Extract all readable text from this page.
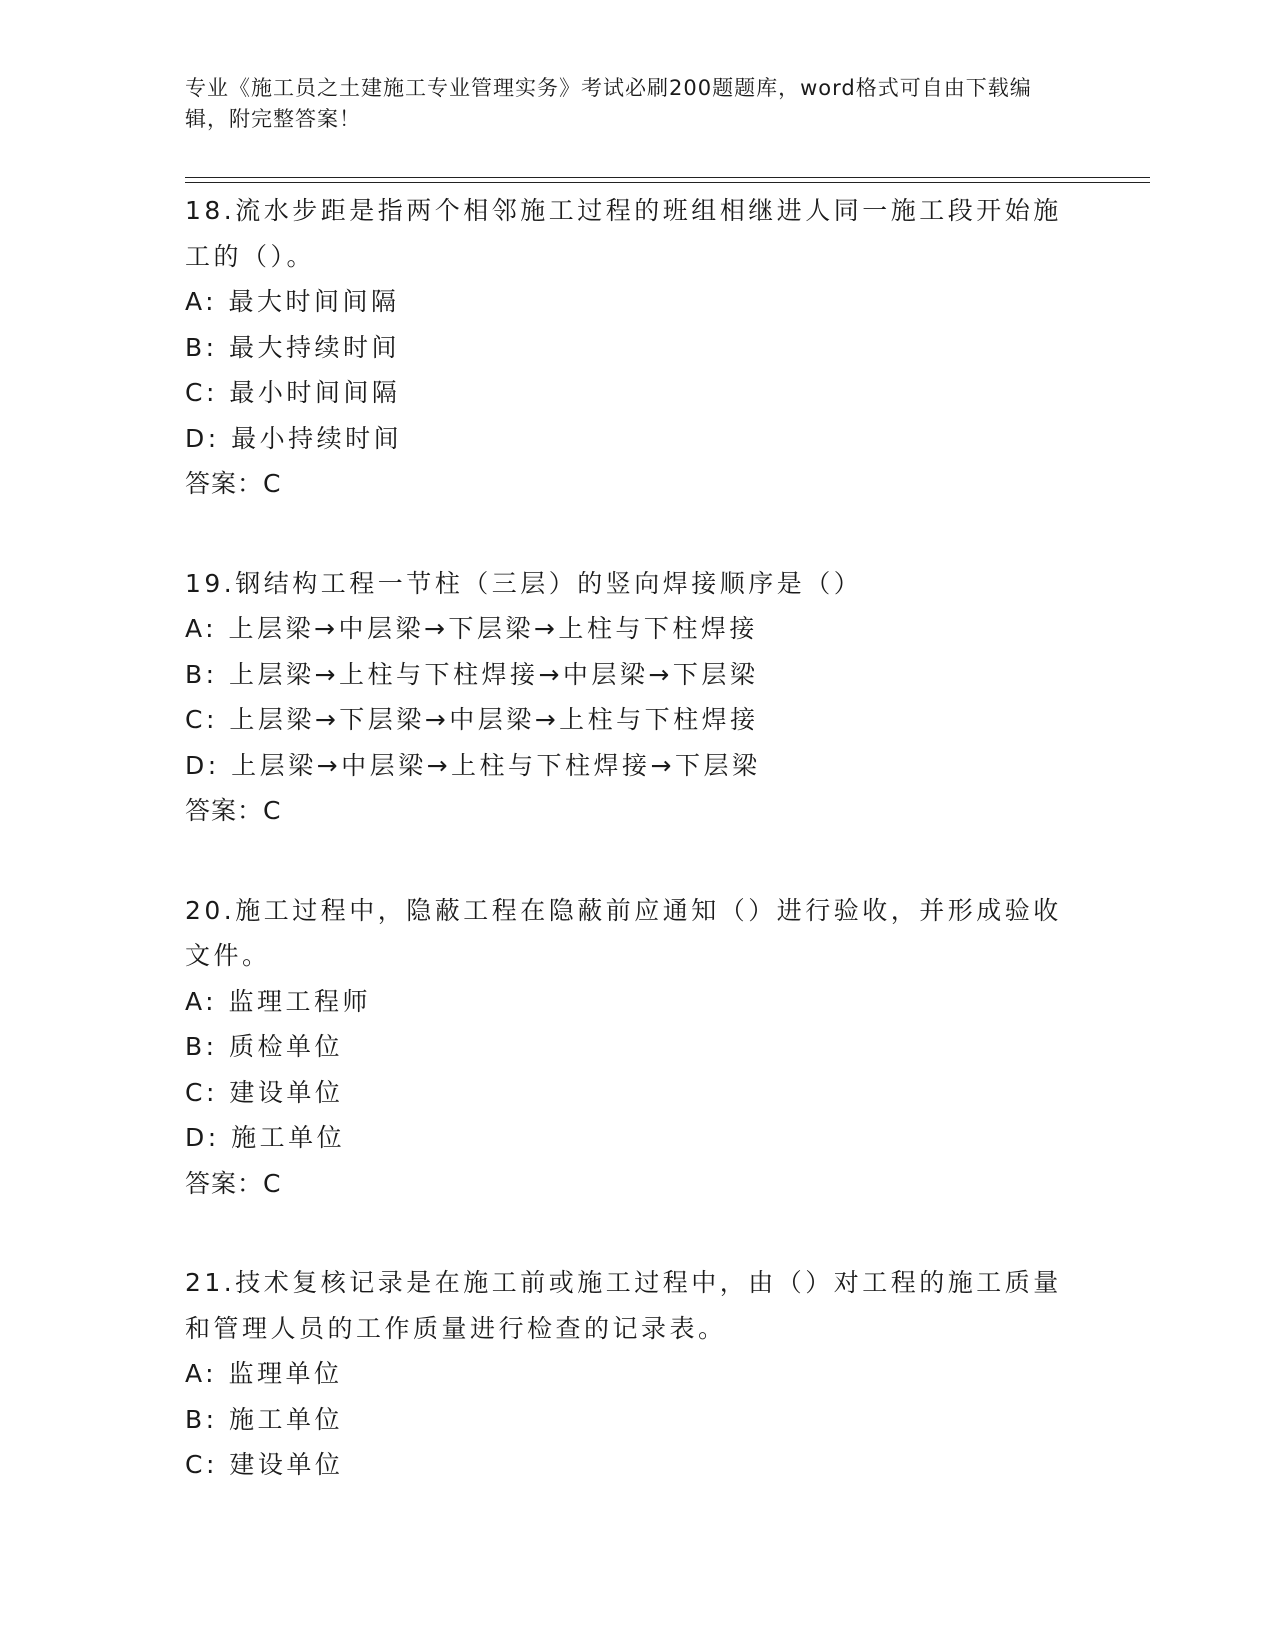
专业《施工员之土建施工专业管理实务》考试必刷200题题库，word格式可自由下载编辑，附完整答案！
18.流水步距是指两个相邻施工过程的班组相继进人同一施工段开始施工的（）。
A: 最大时间间隔
B: 最大持续时间
C: 最小时间间隔
D: 最小持续时间
答案：C
19.钢结构工程一节柱（三层）的竖向焊接顺序是（）
A: 上层梁→中层梁→下层梁→上柱与下柱焊接
B: 上层梁→上柱与下柱焊接→中层梁→下层梁
C: 上层梁→下层梁→中层梁→上柱与下柱焊接
D: 上层梁→中层梁→上柱与下柱焊接→下层梁
答案：C
20.施工过程中，隐蔽工程在隐蔽前应通知（）进行验收，并形成验收文件。
A: 监理工程师
B: 质检单位
C: 建设单位
D: 施工单位
答案：C
21.技术复核记录是在施工前或施工过程中，由（）对工程的施工质量和管理人员的工作质量进行检查的记录表。
A: 监理单位
B: 施工单位
C: 建设单位
